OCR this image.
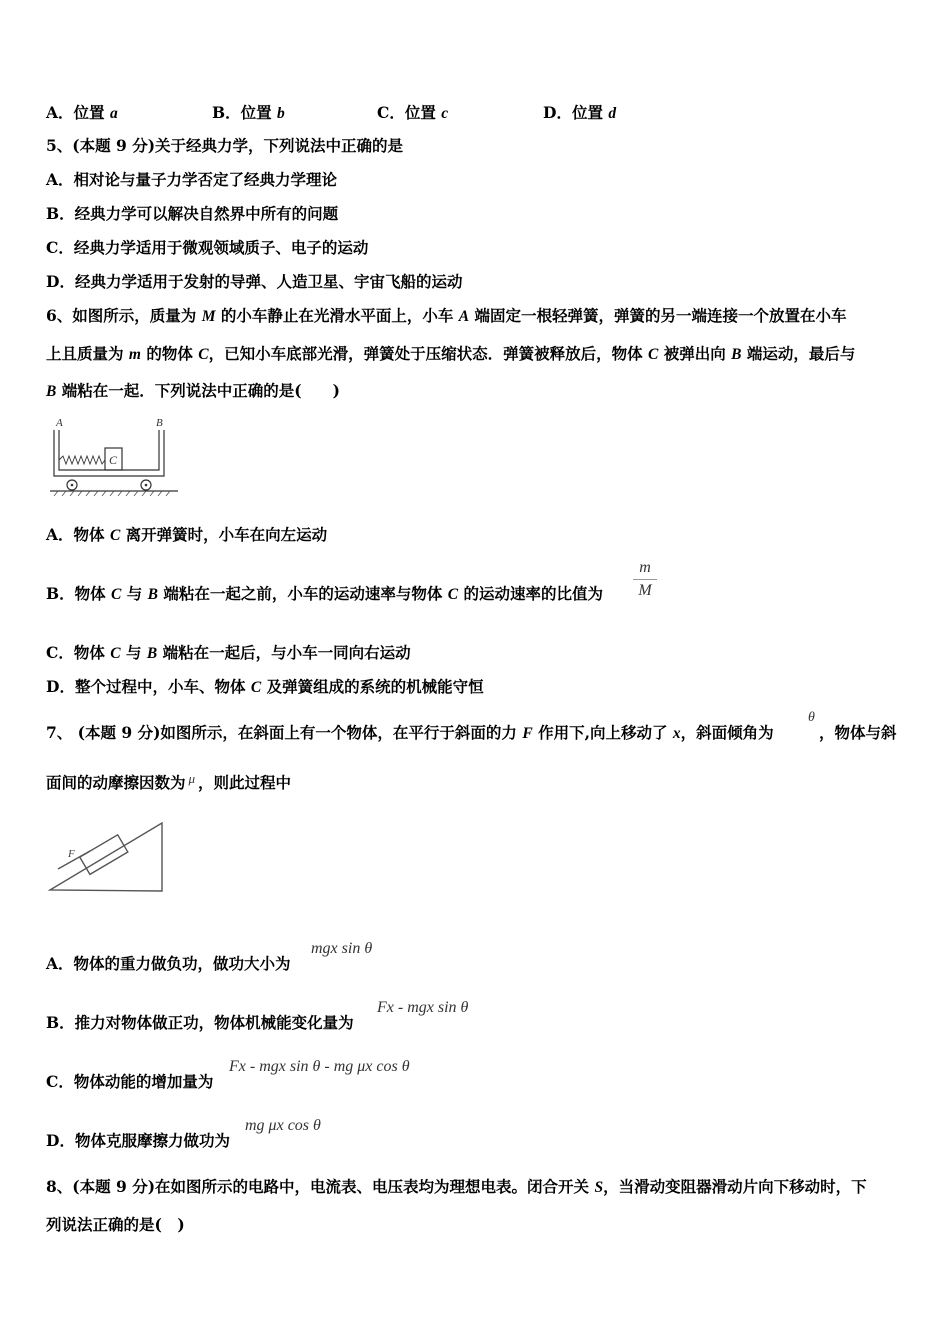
A．位置 a	B．位置 b	C．位置 c	D．位置 d
5、(本题 9 分)关于经典力学，下列说法中正确的是
A．相对论与量子力学否定了经典力学理论
B．经典力学可以解决自然界中所有的问题
C．经典力学适用于微观领域质子、电子的运动
D．经典力学适用于发射的导弹、人造卫星、宇宙飞船的运动
6、如图所示，质量为 M 的小车静止在光滑水平面上，小车 A 端固定一根轻弹簧，弹簧的另一端连接一个放置在小车
上且质量为 m 的物体 C，已知小车底部光滑，弹簧处于压缩状态．弹簧被释放后，物体 C 被弹出向 B 端运动，最后与
B 端粘在一起．下列说法中正确的是(　　)
A	B
C
A．物体 C 离开弹簧时，小车在向左运动
B．物体 C 与 B 端粘在一起之前，小车的运动速率与物体 C 的运动速率的比值为
m
M
C．物体 C 与 B 端粘在一起后，与小车一同向右运动
D．整个过程中，小车、物体 C 及弹簧组成的系统的机械能守恒
7、 (本题 9 分)如图所示，在斜面上有一个物体，在平行于斜面的力 F 作用下,向上移动了 x，斜面倾角为
θ
，物体与斜
面间的动摩擦因数为 $^\mu$ ，则此过程中
F
A．物体的重力做负功，做功大小为
mgx sin θ
B．推力对物体做正功，物体机械能变化量为
Fx - mgx sin θ
C．物体动能的增加量为
Fx - mgx sin θ - mg μx cos θ
D．物体克服摩擦力做功为
mg μx cos θ
8、(本题 9 分)在如图所示的电路中，电流表、电压表均为理想电表。闭合开关 S，当滑动变阻器滑动片向下移动时，下
列说法正确的是(　)
